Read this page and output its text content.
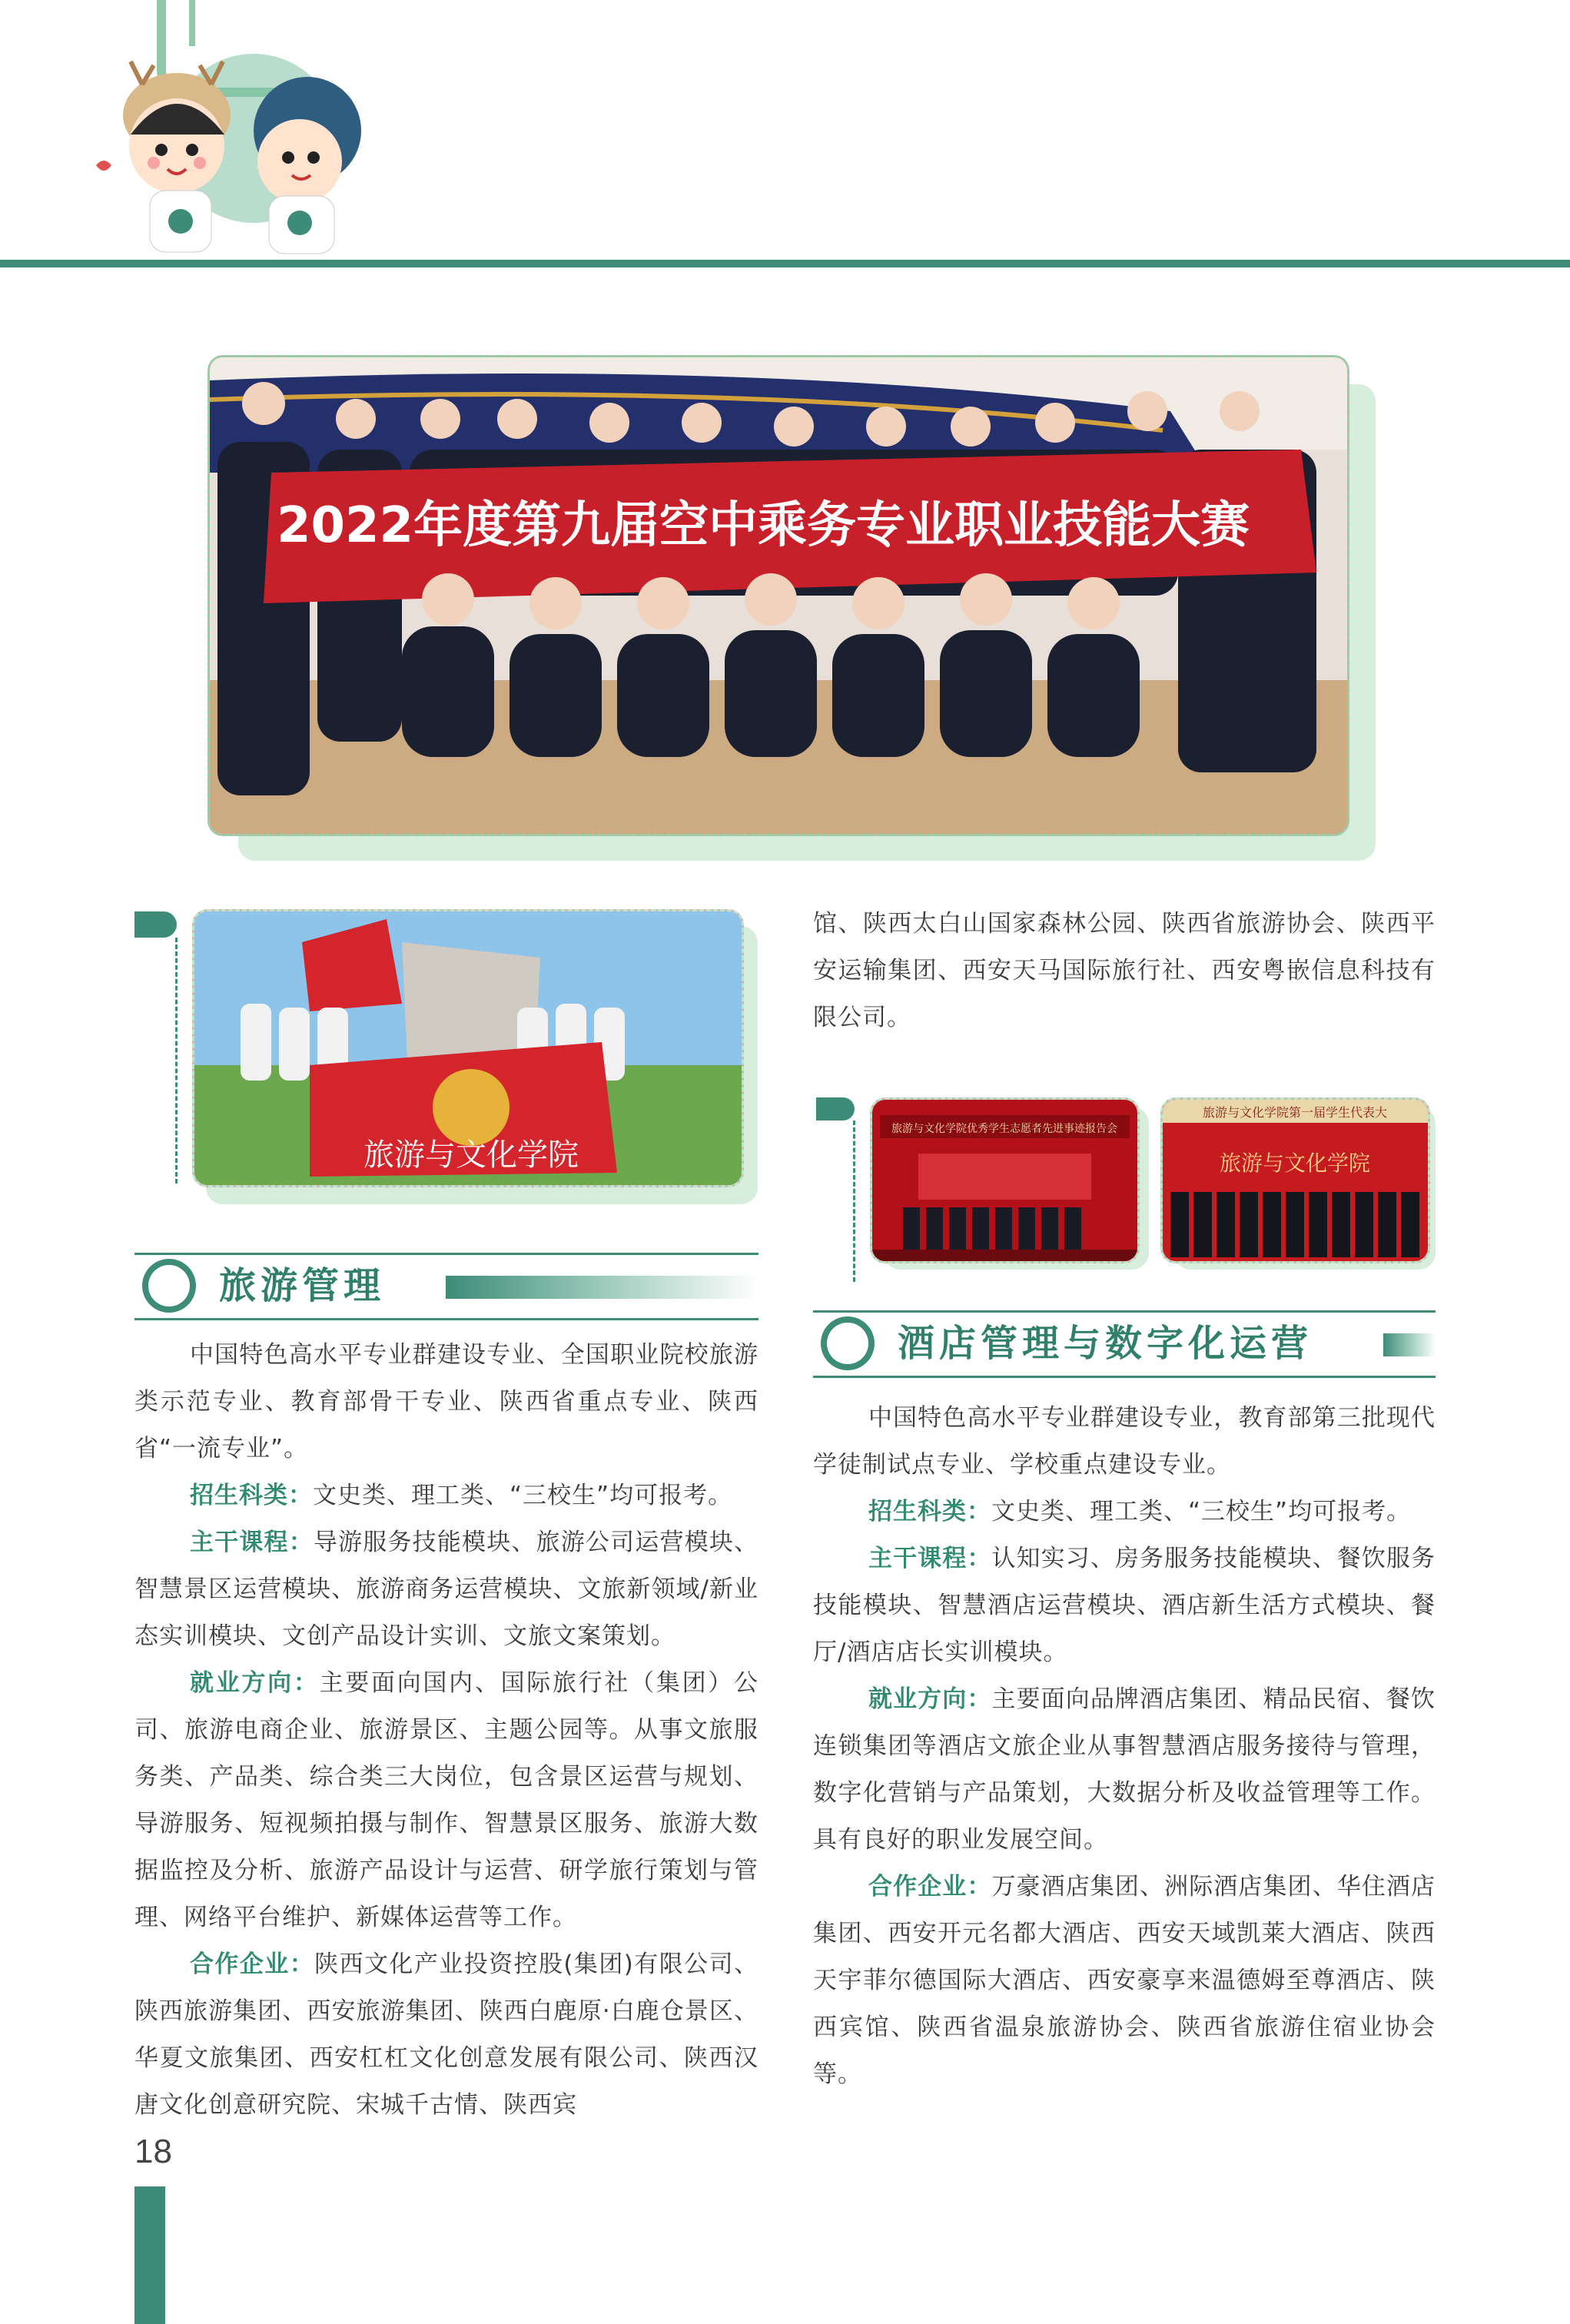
2022年度第九届空中乘务专业职业技能大赛
旅游与文化学院
旅游与文化学院优秀学生志愿者先进事迹报告会
旅游与文化学院第一届学生代表大
旅游与文化学院
旅游管理

中国特色高水平专业群建设专业、全国职业院校旅游类示范专业、教育部骨干专业、陕西省重点专业、陕西省“一流专业”。

招生科类：文史类、理工类、“三校生”均可报考。

主干课程：导游服务技能模块、旅游公司运营模块、智慧景区运营模块、旅游商务运营模块、文旅新领域/新业态实训模块、文创产品设计实训、文旅文案策划。

就业方向：主要面向国内、国际旅行社（集团）公司、旅游电商企业、旅游景区、主题公园等。从事文旅服务类、产品类、综合类三大岗位，包含景区运营与规划、导游服务、短视频拍摄与制作、智慧景区服务、旅游大数据监控及分析、旅游产品设计与运营、研学旅行策划与管理、网络平台维护、新媒体运营等工作。

合作企业：陕西文化产业投资控股(集团)有限公司、 陕西旅游集团、西安旅游集团、陕西白鹿原·白鹿仓景区、华夏文旅集团、西安杠杠文化创意发展有限公司、陕西汉唐文化创意研究院、宋城千古情、陕西宾

馆、陕西太白山国家森林公园、陕西省旅游协会、陕西平安运输集团、西安天马国际旅行社、西安粤嵌信息科技有限公司。

酒店管理与数字化运营

中国特色高水平专业群建设专业，教育部第三批现代学徒制试点专业、学校重点建设专业。

招生科类：文史类、理工类、“三校生”均可报考。

主干课程：认知实习、房务服务技能模块、餐饮服务技能模块、智慧酒店运营模块、酒店新生活方式模块、餐厅/酒店店长实训模块。

就业方向：主要面向品牌酒店集团、精品民宿、餐饮连锁集团等酒店文旅企业从事智慧酒店服务接待与管理，数字化营销与产品策划，大数据分析及收益管理等工作。具有良好的职业发展空间。

合作企业：万豪酒店集团、洲际酒店集团、华住酒店集团、西安开元名都大酒店、西安天域凯莱大酒店、陕西天宇菲尔德国际大酒店、西安豪享来温德姆至尊酒店、陕西宾馆、陕西省温泉旅游协会、陕西省旅游住宿业协会等。

18
